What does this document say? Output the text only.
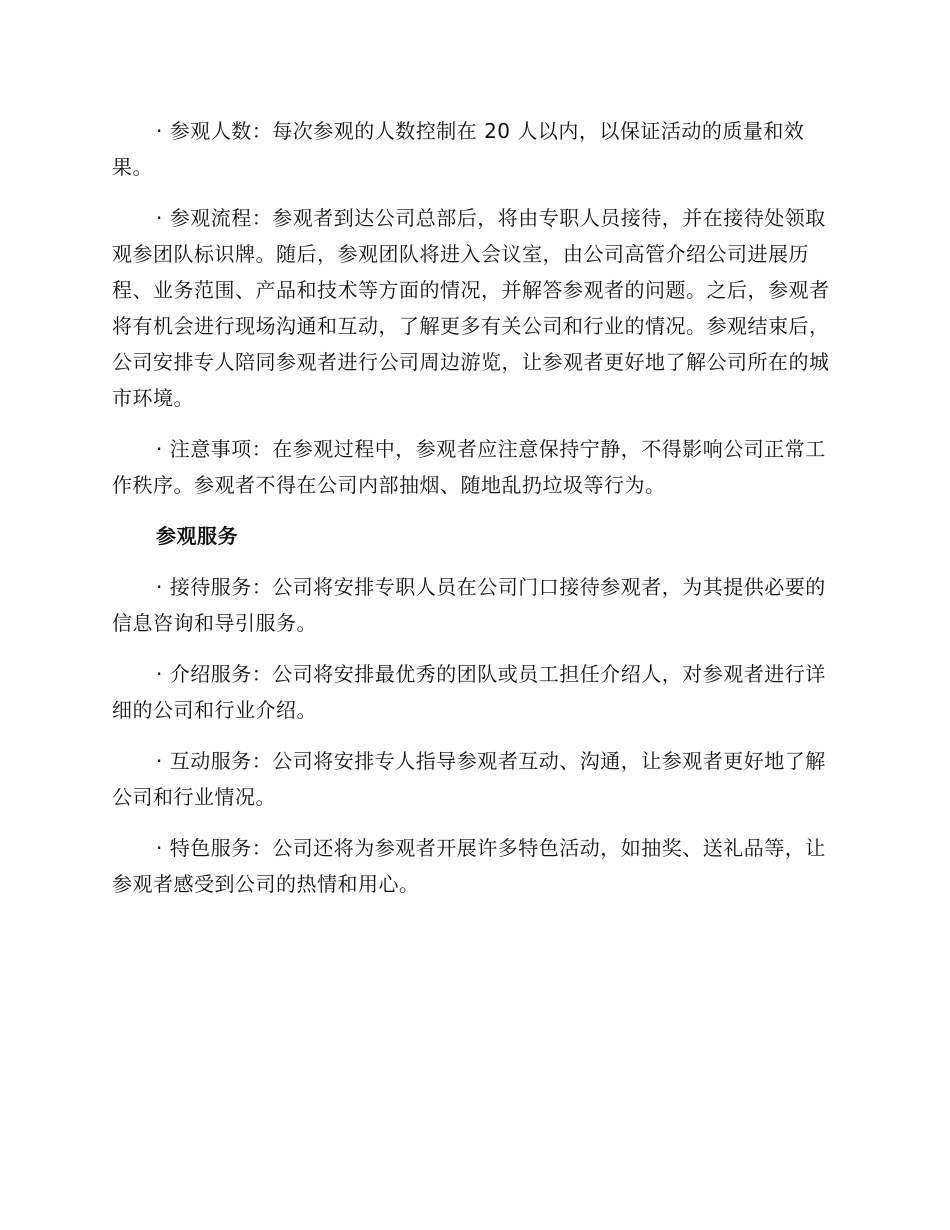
· 参观人数：每次参观的人数控制在 20 人以内，以保证活动的质量和效果。

· 参观流程：参观者到达公司总部后，将由专职人员接待，并在接待处领取观参团队标识牌。随后，参观团队将进入会议室，由公司高管介绍公司进展历程、业务范围、产品和技术等方面的情况，并解答参观者的问题。之后，参观者将有机会进行现场沟通和互动，了解更多有关公司和行业的情况。参观结束后，公司安排专人陪同参观者进行公司周边游览，让参观者更好地了解公司所在的城市环境。

· 注意事项：在参观过程中，参观者应注意保持宁静，不得影响公司正常工作秩序。参观者不得在公司内部抽烟、随地乱扔垃圾等行为。

参观服务

· 接待服务：公司将安排专职人员在公司门口接待参观者，为其提供必要的信息咨询和导引服务。

· 介绍服务：公司将安排最优秀的团队或员工担任介绍人，对参观者进行详细的公司和行业介绍。

· 互动服务：公司将安排专人指导参观者互动、沟通，让参观者更好地了解公司和行业情况。

· 特色服务：公司还将为参观者开展许多特色活动，如抽奖、送礼品等，让参观者感受到公司的热情和用心。
